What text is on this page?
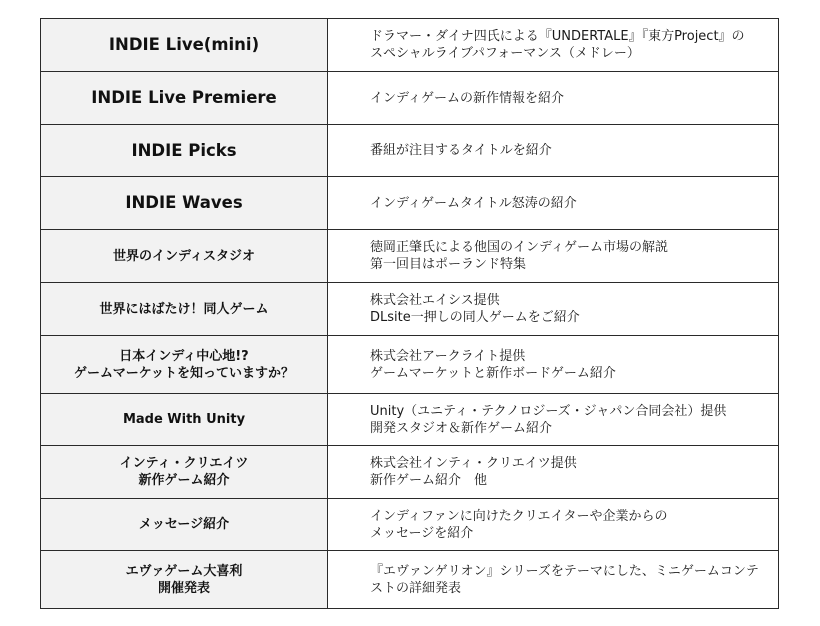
INDIE Live(mini)	ドラマー・ダイナ四氏による『UNDERTALE』『東方Project』の
スペシャルライブパフォーマンス（メドレー）

INDIE Live Premiere	インディゲームの新作情報を紹介

INDIE Picks	番組が注目するタイトルを紹介

INDIE Waves	インディゲームタイトル怒涛の紹介

世界のインディスタジオ	徳岡正肇氏による他国のインディゲーム市場の解説
第一回目はポーランド特集

世界にはばたけ！同人ゲーム	株式会社エイシス提供
DLsite一押しの同人ゲームをご紹介

日本インディ中心地!?
ゲームマーケットを知っていますか？	株式会社アークライト提供
ゲームマーケットと新作ボードゲーム紹介

Made With Unity	Unity（ユニティ・テクノロジーズ・ジャパン合同会社）提供
開発スタジオ＆新作ゲーム紹介

インティ・クリエイツ
新作ゲーム紹介	株式会社インティ・クリエイツ提供
新作ゲーム紹介　他

メッセージ紹介	インディファンに向けたクリエイターや企業からの
メッセージを紹介

エヴァゲーム大喜利
開催発表	『エヴァンゲリオン』シリーズをテーマにした、ミニゲームコンテ
ストの詳細発表
